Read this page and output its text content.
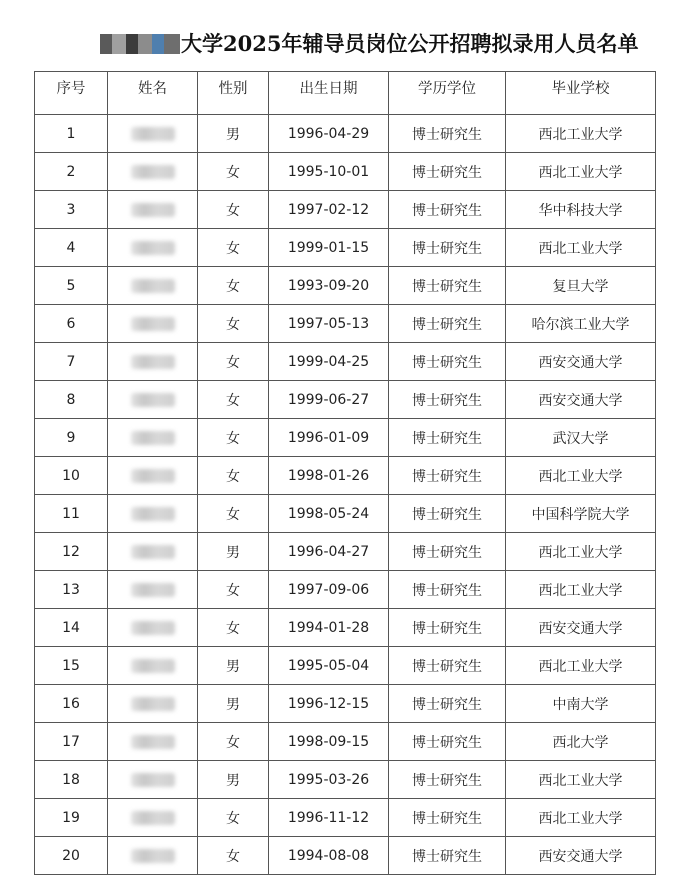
大学2025年辅导员岗位公开招聘拟录用人员名单
序号	姓名	性别	出生日期	学历学位	毕业学校
1		男	1996-04-29	博士研究生	西北工业大学
2		女	1995-10-01	博士研究生	西北工业大学
3		女	1997-02-12	博士研究生	华中科技大学
4		女	1999-01-15	博士研究生	西北工业大学
5		女	1993-09-20	博士研究生	复旦大学
6		女	1997-05-13	博士研究生	哈尔滨工业大学
7		女	1999-04-25	博士研究生	西安交通大学
8		女	1999-06-27	博士研究生	西安交通大学
9		女	1996-01-09	博士研究生	武汉大学
10		女	1998-01-26	博士研究生	西北工业大学
11		女	1998-05-24	博士研究生	中国科学院大学
12		男	1996-04-27	博士研究生	西北工业大学
13		女	1997-09-06	博士研究生	西北工业大学
14		女	1994-01-28	博士研究生	西安交通大学
15		男	1995-05-04	博士研究生	西北工业大学
16		男	1996-12-15	博士研究生	中南大学
17		女	1998-09-15	博士研究生	西北大学
18		男	1995-03-26	博士研究生	西北工业大学
19		女	1996-11-12	博士研究生	西北工业大学
20		女	1994-08-08	博士研究生	西安交通大学
